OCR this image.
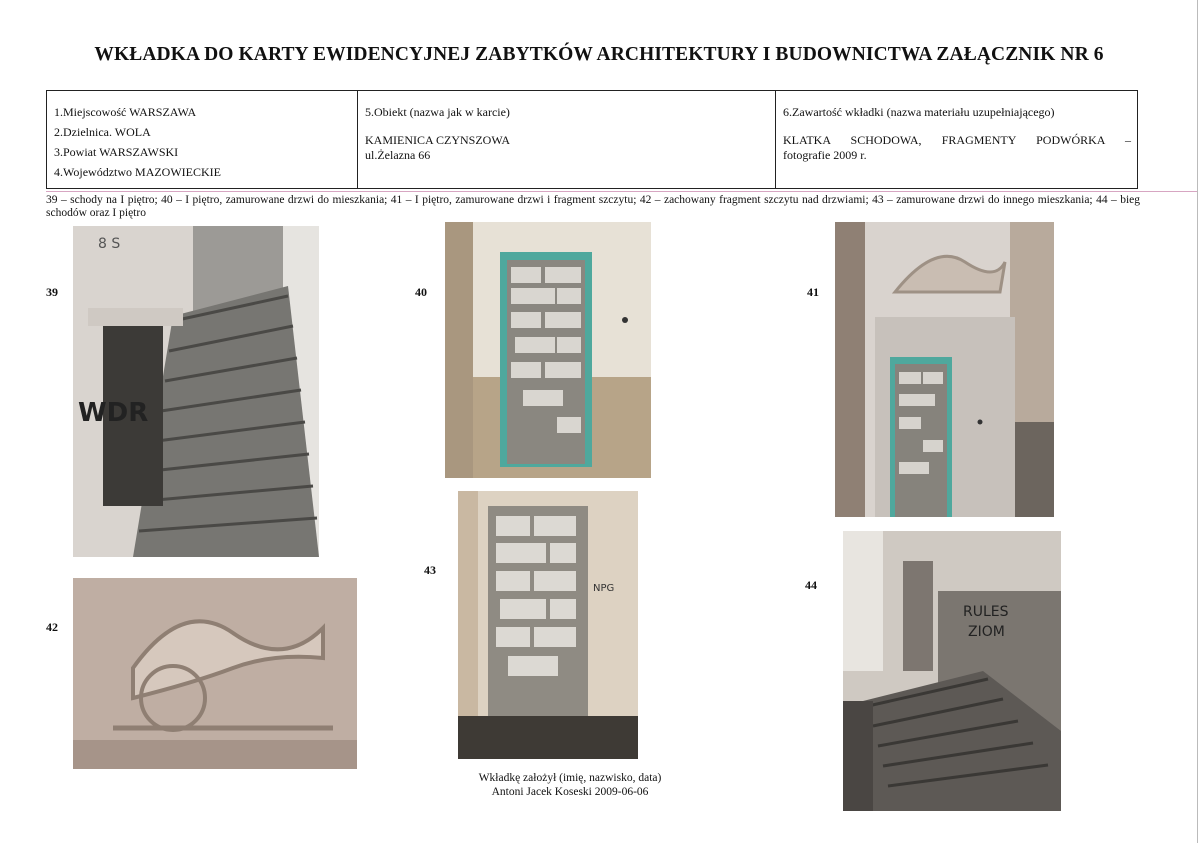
WKŁADKA DO KARTY EWIDENCYJNEJ ZABYTKÓW ARCHITEKTURY I BUDOWNICTWA ZAŁĄCZNIK NR 6
1.Miejscowość WARSZAWA
2.Dzielnica. WOLA
3.Powiat WARSZAWSKI
4.Województwo MAZOWIECKIE
5.Obiekt (nazwa jak w karcie)
KAMIENICA CZYNSZOWA
ul.Żelazna 66
6.Zawartość wkładki (nazwa materiału uzupełniającego)
KLATKA SCHODOWA, FRAGMENTY PODWÓRKA –
fotografie 2009 r.
39 – schody na I piętro; 40 – I piętro, zamurowane drzwi do mieszkania; 41 – I piętro, zamurowane drzwi i fragment szczytu; 42 – zachowany fragment szczytu nad drzwiami; 43 – zamurowane drzwi do innego mieszkania; 44 – bieg schodów oraz I piętro
39
WDR
8 S
40	41
42
43
NPG	44
RULES
ZIOM
Wkładkę założył (imię, nazwisko, data)
Antoni Jacek Koseski 2009-06-06
